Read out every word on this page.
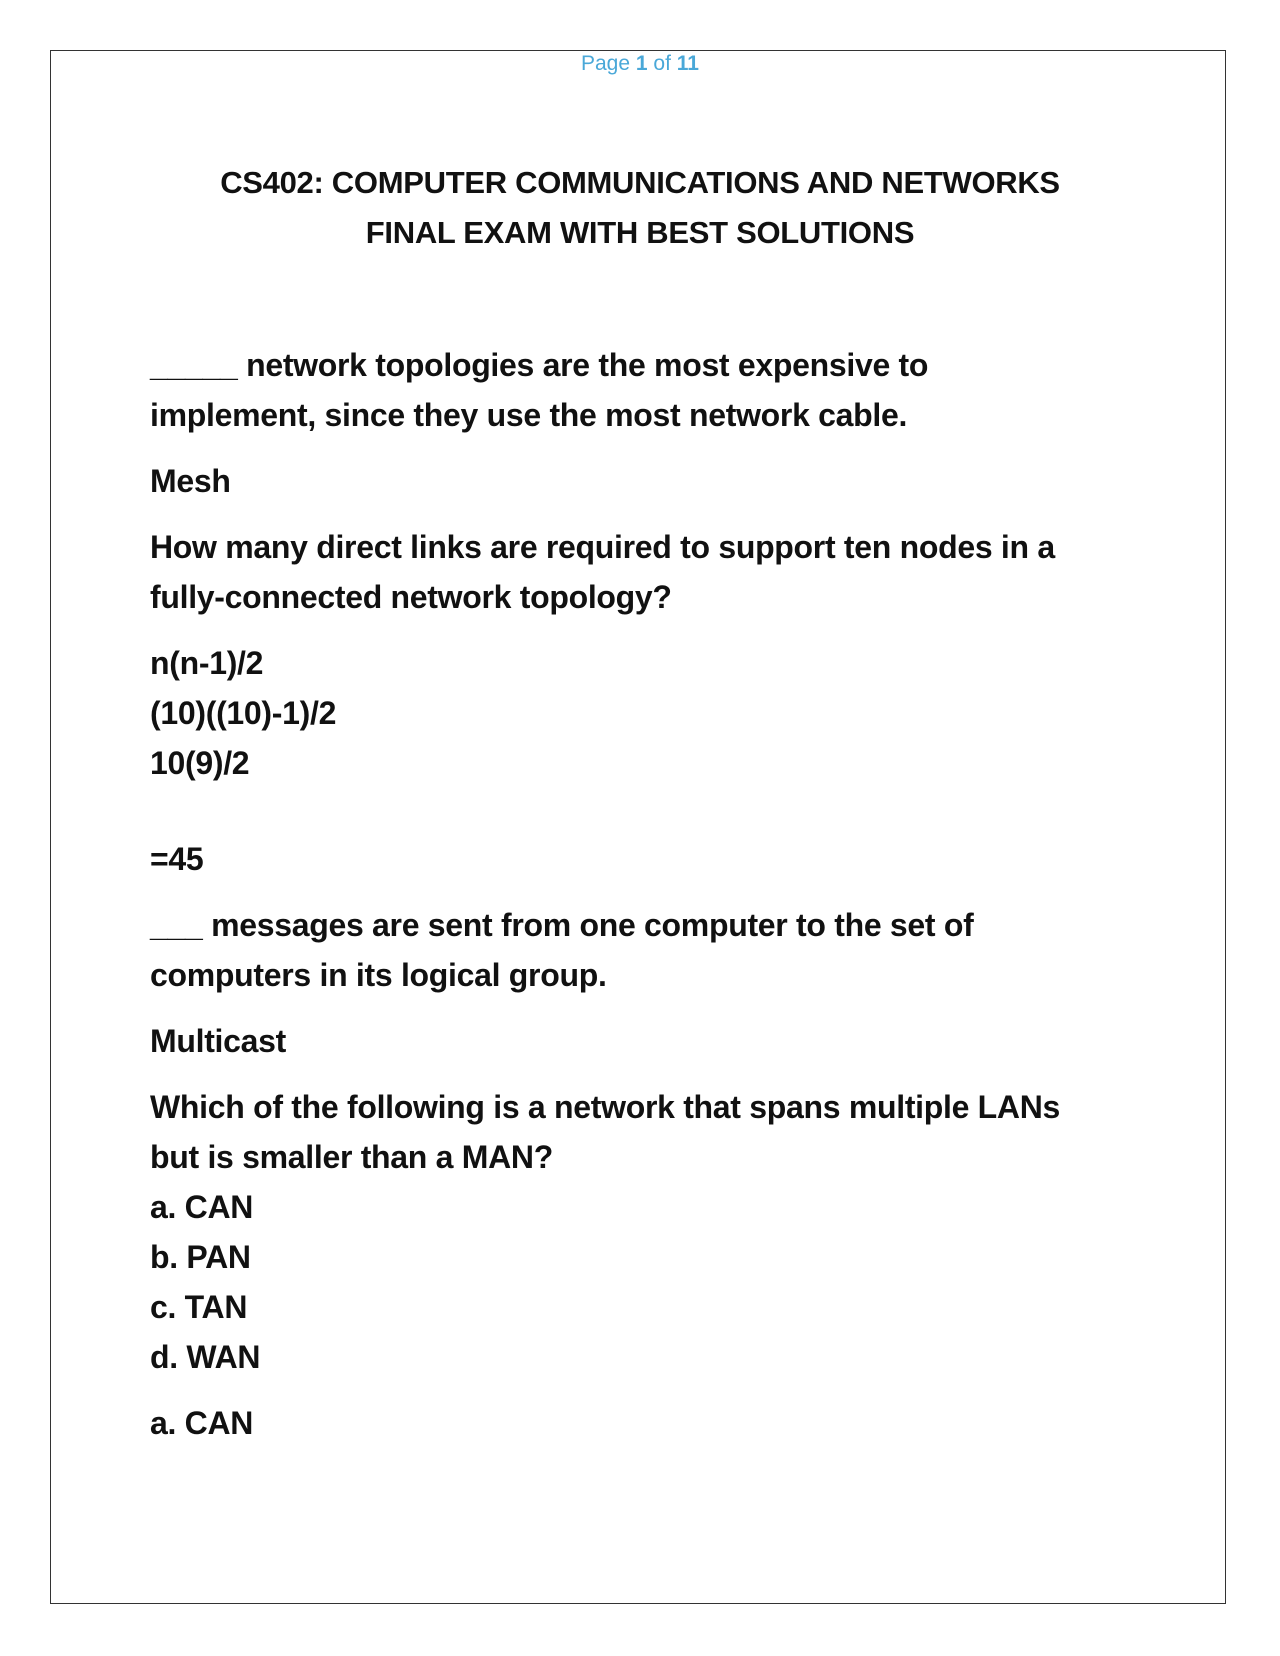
Page 1 of 11
CS402: COMPUTER COMMUNICATIONS AND NETWORKS
FINAL EXAM WITH BEST SOLUTIONS
_____ network topologies are the most expensive to
implement, since they use the most network cable.
Mesh
How many direct links are required to support ten nodes in a
fully-connected network topology?
n(n-1)/2
(10)((10)-1)/2
10(9)/2
=45
___ messages are sent from one computer to the set of
computers in its logical group.
Multicast
Which of the following is a network that spans multiple LANs
but is smaller than a MAN?
a. CAN
b. PAN
c. TAN
d. WAN
a. CAN
